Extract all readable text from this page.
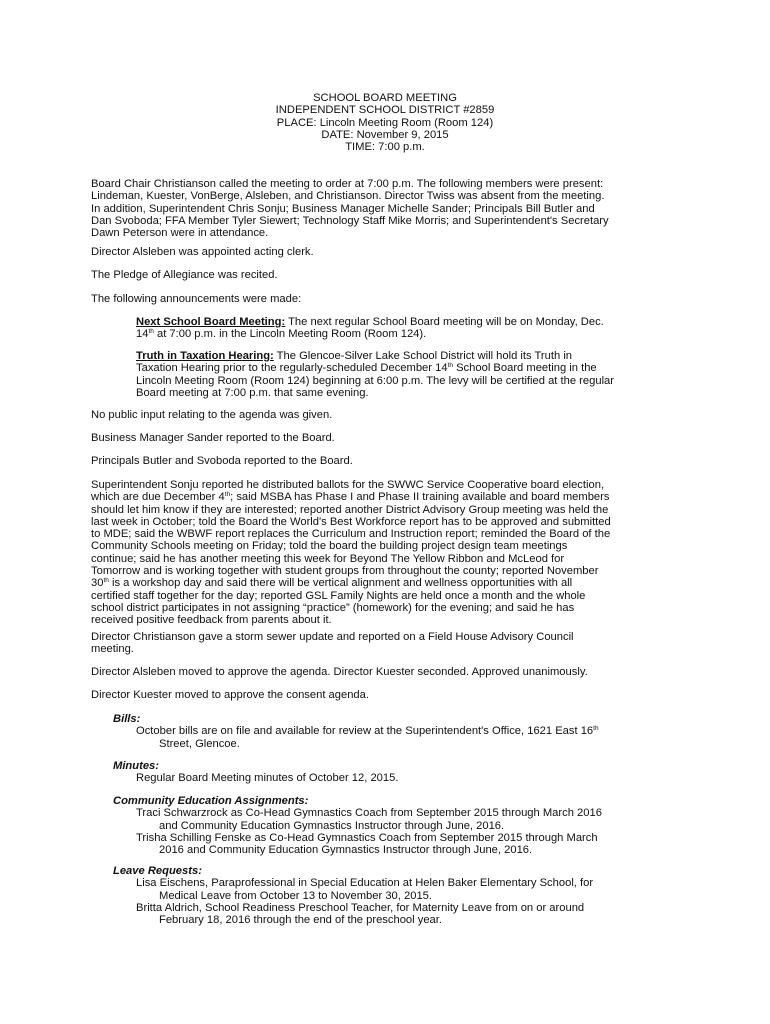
SCHOOL BOARD MEETING
INDEPENDENT SCHOOL DISTRICT #2859
PLACE: Lincoln Meeting Room (Room 124)
DATE: November 9, 2015
TIME: 7:00 p.m.
Board Chair Christianson called the meeting to order at 7:00 p.m. The following members were present:
Lindeman, Kuester, VonBerge, Alsleben, and Christianson. Director Twiss was absent from the meeting.
In addition, Superintendent Chris Sonju; Business Manager Michelle Sander; Principals Bill Butler and
Dan Svoboda; FFA Member Tyler Siewert; Technology Staff Mike Morris; and Superintendent's Secretary
Dawn Peterson were in attendance.
Director Alsleben was appointed acting clerk.
The Pledge of Allegiance was recited.
The following announcements were made:
Next School Board Meeting: The next regular School Board meeting will be on Monday, Dec.
14th at 7:00 p.m. in the Lincoln Meeting Room (Room 124).
Truth in Taxation Hearing: The Glencoe-Silver Lake School District will hold its Truth in
Taxation Hearing prior to the regularly-scheduled December 14th School Board meeting in the
Lincoln Meeting Room (Room 124) beginning at 6:00 p.m. The levy will be certified at the regular
Board meeting at 7:00 p.m. that same evening.
No public input relating to the agenda was given.
Business Manager Sander reported to the Board.
Principals Butler and Svoboda reported to the Board.
Superintendent Sonju reported he distributed ballots for the SWWC Service Cooperative board election,
which are due December 4th; said MSBA has Phase I and Phase II training available and board members
should let him know if they are interested; reported another District Advisory Group meeting was held the
last week in October; told the Board the World's Best Workforce report has to be approved and submitted
to MDE; said the WBWF report replaces the Curriculum and Instruction report; reminded the Board of the
Community Schools meeting on Friday; told the board the building project design team meetings
continue; said he has another meeting this week for Beyond The Yellow Ribbon and McLeod for
Tomorrow and is working together with student groups from throughout the county; reported November
30th is a workshop day and said there will be vertical alignment and wellness opportunities with all
certified staff together for the day; reported GSL Family Nights are held once a month and the whole
school district participates in not assigning “practice” (homework) for the evening; and said he has
received positive feedback from parents about it.
Director Christianson gave a storm sewer update and reported on a Field House Advisory Council
meeting.
Director Alsleben moved to approve the agenda. Director Kuester seconded. Approved unanimously.
Director Kuester moved to approve the consent agenda.
Bills:
October bills are on file and available for review at the Superintendent's Office, 1621 East 16th
Street, Glencoe.
Minutes:
Regular Board Meeting minutes of October 12, 2015.
Community Education Assignments:
Traci Schwarzrock as Co-Head Gymnastics Coach from September 2015 through March 2016
and Community Education Gymnastics Instructor through June, 2016.
Trisha Schilling Fenske as Co-Head Gymnastics Coach from September 2015 through March
2016 and Community Education Gymnastics Instructor through June, 2016.
Leave Requests:
Lisa Eischens, Paraprofessional in Special Education at Helen Baker Elementary School, for
Medical Leave from October 13 to November 30, 2015.
Britta Aldrich, School Readiness Preschool Teacher, for Maternity Leave from on or around
February 18, 2016 through the end of the preschool year.
